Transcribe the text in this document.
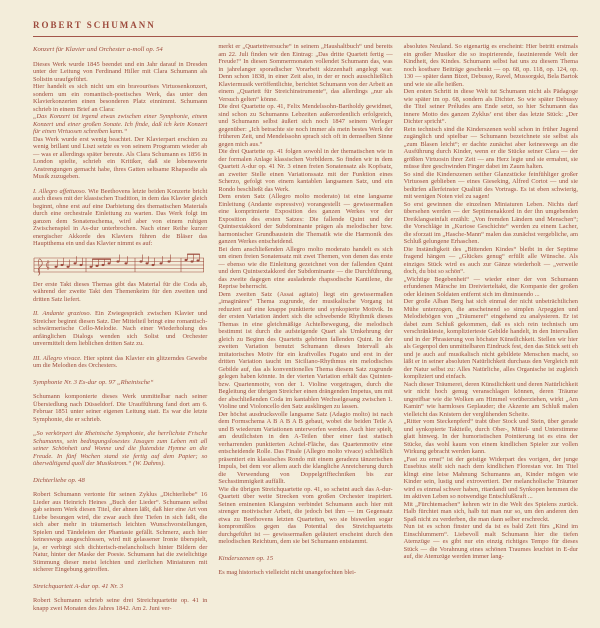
ROBERT SCHUMANN
Konzert für Klavier und Orchester a-moll op. 54

Dieses Werk wurde 1845 beendet und ein Jahr darauf in Dresden unter der Leitung von Ferdinand Hiller mit Clara Schumann als Solistin uraufgeführt.

Hier handelt es sich nicht um ein bravouröses Virtuosenkonzert, sondern um ein romantisch-poetisches Werk, das unter den Klavierkonzerten einen besonderen Platz einnimmt. Schumann schrieb in einem Brief an Clara:

„Das Konzert ist irgend etwas zwischen einer Symphonie, einem Konzert und einer großen Sonate. Ich finde, daß ich kein Konzert für einen Virtuosen schreiben kann.“

Das Werk wurde erst wenig beachtet. Der Klavierpart erschien zu wenig brillant und Liszt setzte es von seinem Programm wieder ab — was er allerdings später bereute. Als Clara Schumann es 1856 in London spielte, schrieb ein Kritiker, daß sie lobenswerte Anstrengungen gemacht habe, ihres Gatten seltsame Rhapsodie als Musik zuzugeben.

I. Allegro affettuoso. Wie Beethovens letzte beiden Konzerte bricht auch dieses mit der klassischen Tradition, in dem das Klavier gleich beginnt, ohne erst auf eine Darbietung des thematischen Materials durch eine orchestrale Einleitung zu warten. Das Werk folgt im ganzen dem Sonatenschema, wird aber von einem ruhigen Zwischenspiel in As-dur unterbrochen. Nach einer Reihe kurzer energischer Akkorde des Klaviers führen die Bläser das Hauptthema ein und das Klavier nimmt es auf:

Der erste Takt dieses Themas gibt das Material für die Coda ab, während der zweite Takt den Themenkeim für den zweiten und dritten Satz liefert.

II. Andante grazioso. Ein Zwiegespräch zwischen Klavier und Streicher beginnt diesen Satz. Der Mittelteil bringt eine romantisch-schwärmerische Cello-Melodie. Nach einer Wiederholung des anfänglichen Dialogs wenden sich Solist und Orchester unvermittelt dem lieblichen dritten Satz zu.

III. Allegro vivace. Hier spinnt das Klavier ein glitzerndes Gewebe um die Melodien des Orchesters.

Symphonie Nr. 3 Es-dur op. 97 „Rheinische“

Schumann komponierte dieses Werk unmittelbar nach seiner Übersiedlung nach Düsseldorf. Die Uraufführung fand dort am 6. Februar 1851 unter seiner eigenen Leitung statt. Es war die letzte Symphonie, die er schrieb.

„So verkörpert die Rheinische Symphonie, die herrlichste Frische Schumanns, sein bedingungslosestes Jasagen zum Leben mit all seiner Schönheit und Wonne und die flutendste Hymne an die Freude. In fünf Wochen stand sie fertig auf dem Papier; so überwältigend quoll der Musikstrom.“ (W. Dahms).

Dichterliebe op. 48

Robert Schumann vertonte für seinen Zyklus „Dichterliebe“ 16 Lieder aus Heinrich Heines „Buch der Lieder“. Schumann selbst gab seinem Werk diesen Titel, der ahnen läßt, daß hier eine Art von Liebe besungen wird, die zwar auch ihre Tiefen in sich faßt, die sich aber mehr in träumerisch leichten Wunschvorstellungen, Spielen und Tändeleien der Phantasie gefällt. Schmerz, auch hier keineswegs ausgeschlossen, wird mit gelassener Ironie überspielt, ja, er verbirgt sich dichterisch-melancholisch hinter Bildern der Natur, hinter der Maske der Poesie. Schumann hat die zwielichtige Stimmung dieser meist leichten und zierlichen Miniaturen mit sicherer Eingebung getroffen.

Streichquartett A-dur op. 41 Nr. 3

Robert Schumann schrieb seine drei Streichquartette op. 41 in knapp zwei Monaten des Jahres 1842. Am 2. Juni ver-

merkt er „Quartettversuche“ in seinem „Haushaltbuch“ und bereits am 22. Juli finden wir den Eintrag: „Das dritte Quartett fertig — Freude!“ In diesen Sommermonaten vollendet Schumann das, was in jahrelanger sporadischer Vorarbeit skizzenhaft angelegt war. Denn schon 1838, in einer Zeit also, in der er noch ausschließlich Klaviermusik veröffentlichte, berichtet Schumann von der Arbeit an einem „Quartett für Streichinstrumente“, das allerdings „nur als Versuch gelten“ könne.

Die drei Quartette op. 41, Felix Mendelssohn-Bartholdy gewidmet, sind schon zu Schumanns Lebzeiten außerordentlich erfolgreich, und Schumann selbst äußert sich noch 1847 seinem Verleger gegenüber: „Ich betrachte sie noch immer als mein bestes Werk der früheren Zeit, und Mendelssohn sprach sich oft in demselben Sinne gegen mich aus.“

Die drei Quartette op. 41 folgen sowohl in der thematischen wie in der formalen Anlage klassischen Vorbildern. So finden wir in dem Quartett A-dur op. 41 Nr. 3 einen freien Sonatensatz als Kopfsatz, an zweiter Stelle einen Variationssatz mit der Funktion eines Scherzo, gefolgt von einem kantablen langsamen Satz, und ein Rondo beschließt das Werk.

Dem ersten Satz (Allegro molto moderato) ist eine langsame Einleitung (Andante espressivo) vorangestellt — gewissermaßen eine komprimierte Exposition des ganzen Werkes vor der Exposition des ersten Satzes: Die fallende Quint und der Quintsextakkord der Subdominante prägen als melodischer bzw. harmonischer Grundbaustein die Thematik wie die Harmonik des ganzen Werkes entscheidend.

Bei dem anschließenden Allegro molto moderato handelt es sich um einen freien Sonatensatz mit zwei Themen, von denen das erste — ebenso wie die Einleitung gezeichnet von der fallenden Quint und dem Quintsextakkord der Subdominante — die Durchführung, das zweite dagegen eine ausladende rhapsodische Kantilene, die Reprise beherrscht.

Dem zweiten Satz (Assai agitato) liegt ein gewissermaßen „imaginäres“ Thema zugrunde, der musikalische Vorgang ist reduziert auf eine knappe punktierte und synkopierte Motivik. In der ersten Variation ändert sich die schwebende Rhythmik dieses Themas in eine gleichmäßige Achtelbewegung, die melodisch bestimmt ist durch die aufsteigende Quart als Umkehrung der gleich zu Beginn des Quartetts gehörten fallenden Quint. In der zweiten Variation benutzt Schumann dieses Intervall als imitatorisches Motiv für ein kraftvolles Fugato und erst in der dritten Variation taucht im Siciliano-Rhythmus ein melodisches Gebilde auf, das als konventionelles Thema diesem Satz zugrunde gelegen haben könnte. In der vierten Variation erhält das Quinten- bzw. Quartenmotiv, von der 1. Violine vorgetragen, durch die Begleitung der übrigen Streicher einen drängenden Impetus, um mit der abschließenden Coda im kantablen Wechselgesang zwischen 1. Violine und Violoncello den Satz ausklingen zu lassen.

Der höchst ausdrucksvolle langsame Satz (Adagio molto) ist nach dem Formschema A B A B A B gebaut, wobei die beiden Teile A und B wiederum Variationen unterworfen werden. Auch hier spielt, am deutlichsten in den A-Teilen über einer fast statisch verharrenden punktierten Achtel-Fläche, das Quartenmotiv eine entscheidende Rolle. Das Finale (Allegro molto vivace) schließlich präsentiert ein klassisches Rondo mit einem geradezu tänzerischen Impuls, bei dem vor allem auch die klangliche Anreicherung durch die Verwendung von Doppelgrifftechniken bis zur Sechsstimmigkeit auffällt.

Wie die übrigen Streichquartette op. 41, so scheint auch das A-dur-Quartett über weite Strecken vom großen Orchester inspiriert. Seinen eminenten Klangsinn verbindet Schumann auch hier mit strenger motivischer Arbeit, die jedoch bei ihm — im Gegensatz etwa zu Beethovens letzten Quartetten, wo sie bisweilen sogar kompromißlos gegen das Potential des Streichquartetts durchgeführt ist — gewissermaßen geläutert erscheint durch den melodischen Reichtum, dem sie bei Schumann entstammt.

Kinderszenen op. 15

Es mag historisch vielleicht nicht unangefochten blei-

absolutes Neuland. So eigenartig es erscheint: Hier betritt erstmals ein großer Musiker die so inspirierende, faszinierende Welt der Kindheit, des Kindes. Schumann selbst hat uns zu diesem Thema noch kostbare Beiträge geschenkt — op. 68, op. 118, op. 124, op. 130 — später dann Bizet, Debussy, Ravel, Mussorgski, Bela Bartok und wie sie alle heißen.

Den ersten Schritt in diese Welt tut Schumann nicht als Pädagoge wie später im op. 68, sondern als Dichter. So wie später Debussy die Titel seiner Préludes ans Ende setzt, so hier Schumann das innere Motto des ganzen Zyklus’ erst über das letzte Stück: „Der Dichter spricht“.

Rein technisch sind die Kinderszenen wohl schon in früher Jugend zugänglich und spielbar — Schumann bezeichnete sie selbst als „zum Blasen leicht“; er dachte zunächst aber keineswegs an die Ausführung durch Kinder, wenn er die Stücke seiner Clara — der größten Virtuosin ihrer Zeit — ans Herz legte und sie ermahnt, sie müsse ihre geschwinden Finger dabei im Zaum halten.

So sind die Kinderszenen seither Glanzstücke feinfühliger großer Virtuosen geblieben — eines Gieseking, Alfred Cortot — und sie bedürfen allerfeinster Qualität des Vortrags. Es ist eben schwierig, mit wenigen Noten viel zu sagen!

So erst gewinnen die einzelnen Miniaturen Leben. Nichts darf übersehen werden — der Septimenakkord in der ihn umgebenden Dreiklangseinfalt erzählt: „Von fremden Ländern und Menschen“; die Vorschläge in „Kuriose Geschichte“ werden zu einem Lacher, die sforzati im „Hasche-Mann“ malen das zunächst vergebliche, am Schluß gelungene Erhaschen.

Die Inständigkeit des „Bittenden Kindes“ bleibt in der Septime fragend hängen — „Glückes genug“ erfüllt alle Wünsche. Als einziges Stück wird es auch zur Gänze wiederholt — „verweile doch, du bist so schön“.

„Wichtige Begebenheit“ — wieder einer der von Schumann erfundenen Märsche im Dreivierteltakt, die Kompanie der großen oder kleinen Soldaten entfernt sich im diminuendo ...

Der große Alban Berg hat sich einmal der nicht unbeträchtlichen Mühe unterzogen, die anscheinend so simplen Arpeggien und Melodiebögen von „Träumerei“ eingehend zu analysieren. Er ist dabei zum Schluß gekommen, daß es sich rein technisch um verschränkteste, komplizierteste Gebilde handelt, in den Intervallen und in der Phrasierung von höchster Künstlichkeit. Stellen wir hier als Gegenpol den unmittelbaren Eindruck fest, den das Stück seit eh und je auch auf musikalisch nicht gebildete Menschen macht, so läßt er in seiner absoluten Natürlichkeit durchaus den Vergleich mit der Natur selbst zu: Alles Natürliche, alles Organische ist zugleich kompliziert und einfach.

Nach dieser Träumerei, deren Künstlichkeit und deren Natürlichkeit wir nicht hoch genug veranschlagen können, deren Träume ungreifbar wie die Wolken am Himmel vorüberziehen, wirkt „Am Kamin“ wie harmloses Geplauder; die Akzente am Schluß malen vielleicht das Knistern der verglühenden Scheite.

„Ritter vom Steckenpferd“ trabt über Stock und Stein, über gerade und synkopierte Taktteile, durch Ober-, Mittel- und Unterstimme glatt hinweg. In der humoristischen Pointierung ist es eins der Stücke, das wohl kaum von einem kindlichen Spieler zur vollen Wirkung gebracht werden kann.

„Fast zu ernst“ ist der geistige Widerpart des vorigen, der junge Eusebius stellt sich nach dem kindlichen Florestan vor. Im Titel klingt eine leise Mahnung Schumanns an, Kinder mögen wie Kinder sein, lustig und extrovertiert. Der melancholische Träumer wird es einmal schwer haben, ritardandi und Synkopen hemmen die im aktiven Leben so notwendige Entschlußkraft ...

Mit „Fürchtemachen“ kehren wir in die Welt des Spielens zurück. Halb fürchtet man sich, halb tut man nur so, um den anderen den Spaß nicht zu verderben, die man dann selber erschreckt.

Nun ist es schon finster und da ist es bald Zeit fürs „Kind im Einschlummern“. Liebevoll malt Schumann hier die tiefen Atemzüge — es gibt nur ein einzig richtiges Tempo für dieses Stück — die Vorahnung eines schönen Traumes leuchtet in E-dur auf, die Atemzüge werden immer lang-
